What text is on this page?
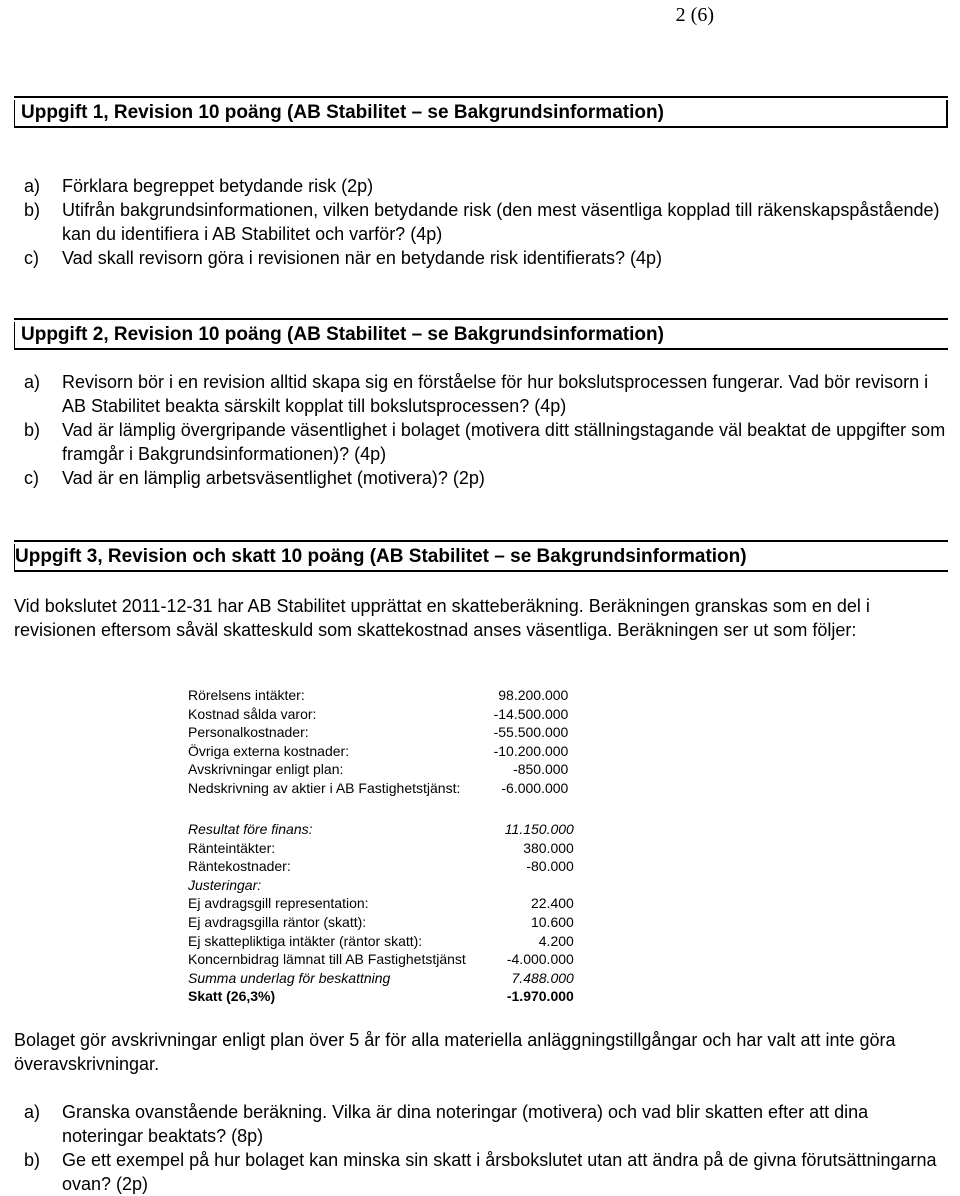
2 (6)
Uppgift 1, Revision 10 poäng (AB Stabilitet – se Bakgrundsinformation)
a)	Förklara begreppet betydande risk (2p)
b)	Utifrån bakgrundsinformationen, vilken betydande risk (den mest väsentliga kopplad till räkenskapspåstående) kan du identifiera i AB Stabilitet och varför? (4p)
c)	Vad skall revisorn göra i revisionen när en betydande risk identifierats? (4p)
Uppgift 2, Revision 10 poäng (AB Stabilitet – se Bakgrundsinformation)
a)	Revisorn bör i en revision alltid skapa sig en förståelse för hur bokslutsprocessen fungerar. Vad bör revisorn i AB Stabilitet beakta särskilt kopplat till bokslutsprocessen? (4p)
b)	Vad är lämplig övergripande väsentlighet i bolaget (motivera ditt ställningstagande väl beaktat de uppgifter som framgår i Bakgrundsinformationen)? (4p)
c)	Vad är en lämplig arbetsväsentlighet (motivera)? (2p)
Uppgift 3, Revision och skatt 10 poäng (AB Stabilitet – se Bakgrundsinformation)
Vid bokslutet 2011-12-31 har AB Stabilitet upprättat en skatteberäkning. Beräkningen granskas som en del i revisionen eftersom såväl skatteskuld som skattekostnad anses väsentliga. Beräkningen ser ut som följer:
Rörelsens intäkter:	98.200.000
Kostnad sålda varor:	-14.500.000
Personalkostnader:	-55.500.000
Övriga externa kostnader:	-10.200.000
Avskrivningar enligt plan:	-850.000
Nedskrivning av aktier i AB Fastighetstjänst:	-6.000.000
Resultat före finans:	11.150.000
Ränteintäkter:	380.000
Räntekostnader:	-80.000
Justeringar:	
Ej avdragsgill representation:	22.400
Ej avdragsgilla räntor (skatt):	10.600
Ej skattepliktiga intäkter (räntor skatt):	4.200
Koncernbidrag lämnat till AB Fastighetstjänst	-4.000.000
Summa underlag för beskattning	7.488.000
Skatt (26,3%)	-1.970.000
Bolaget gör avskrivningar enligt plan över 5 år för alla materiella anläggningstillgångar och har valt att inte göra överavskrivningar.
a)	Granska ovanstående beräkning. Vilka är dina noteringar (motivera) och vad blir skatten efter att dina noteringar beaktats? (8p)
b)	Ge ett exempel på hur bolaget kan minska sin skatt i årsbokslutet utan att ändra på de givna förutsättningarna ovan? (2p)
